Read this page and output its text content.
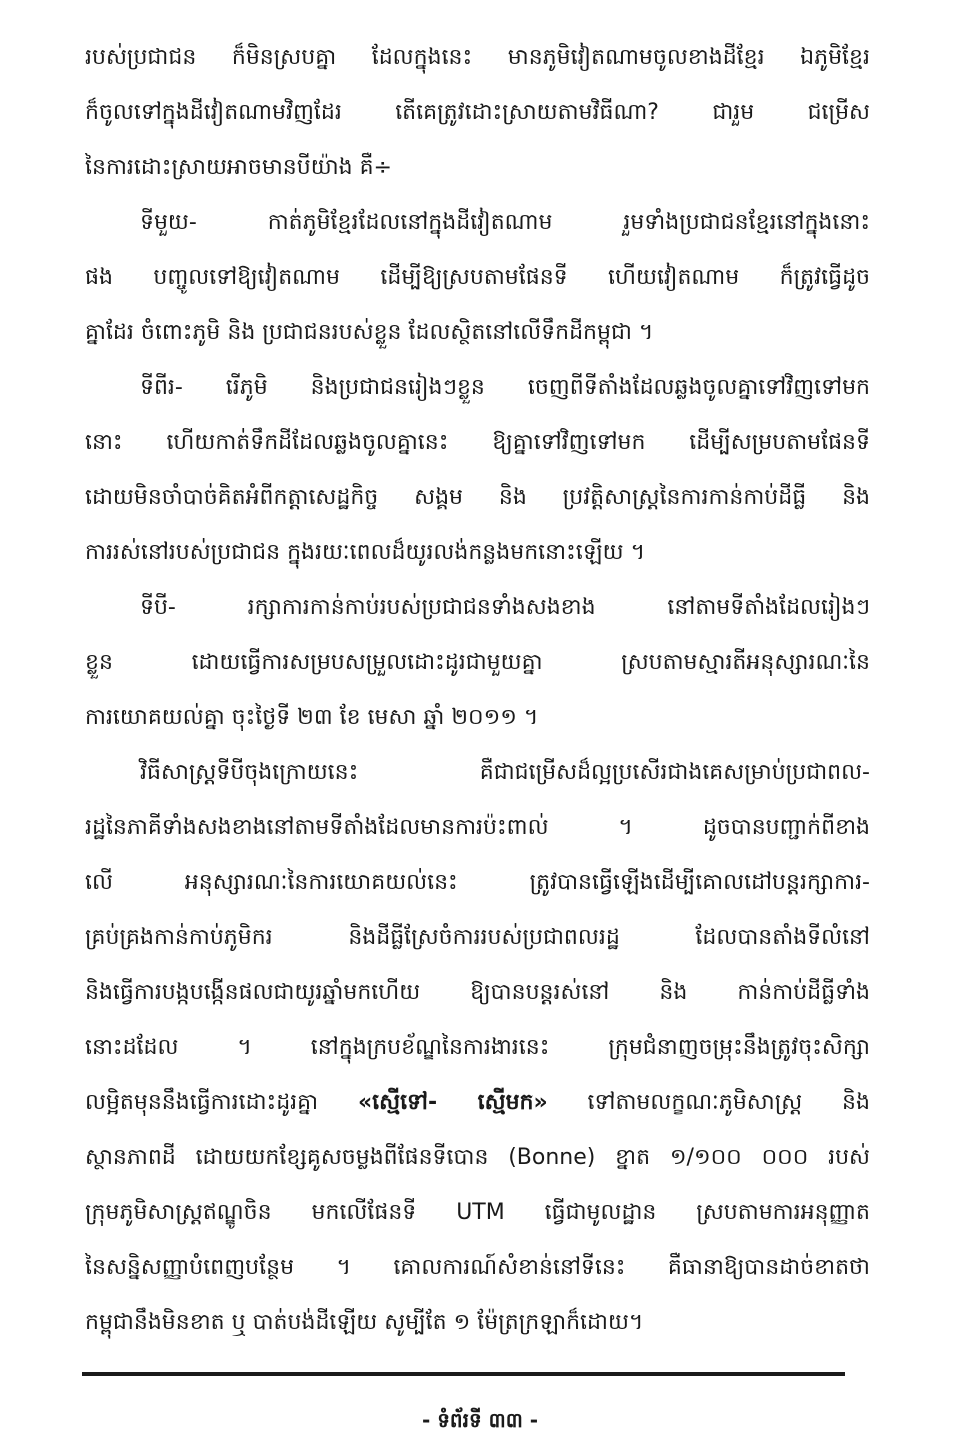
របស់ប្រជាជន ក៏មិនស្របគ្នា ដែលក្នុងនេះ មានភូមិវៀតណាមចូលខាងដីខ្មែរ ឯភូមិខ្មែរ
ក៏ចូលទៅក្នុងដីវៀតណាមវិញដែរ តើគេត្រូវដោះស្រាយតាមវិធីណា? ជារួម ជម្រើស
នៃការដោះស្រាយអាចមានបីយ៉ាង គឺ÷
ទីមួយ- កាត់ភូមិខ្មែរដែលនៅក្នុងដីវៀតណាម រួមទាំងប្រជាជនខ្មែរនៅក្នុងនោះ
ផង បញ្ចូលទៅឱ្យវៀតណាម ដើម្បីឱ្យស្របតាមផែនទី ហើយវៀតណាម ក៏ត្រូវធ្វើដូច
គ្នាដែរ ចំពោះភូមិ និង ប្រជាជនរបស់ខ្លួន ដែលស្ថិតនៅលើទឹកដីកម្ពុជា ។
ទីពីរ- រើភូមិ និងប្រជាជនរៀងៗខ្លួន ចេញពីទីតាំងដែលឆ្លងចូលគ្នាទៅវិញទៅមក
នោះ ហើយកាត់ទឹកដីដែលឆ្លងចូលគ្នានេះ ឱ្យគ្នាទៅវិញទៅមក ដើម្បីសម្របតាមផែនទី
ដោយមិនចាំបាច់គិតអំពីកត្តាសេដ្ឋកិច្ច សង្គម និង ប្រវត្តិសាស្ត្រនៃការកាន់កាប់ដីធ្លី និង
ការរស់នៅរបស់ប្រជាជន ក្នុងរយៈពេលដ៏យូរលង់កន្លងមកនោះឡើយ ។
ទីបី- រក្សាការកាន់កាប់របស់ប្រជាជនទាំងសងខាង នៅតាមទីតាំងដែលរៀងៗ
ខ្លួន ដោយធ្វើការសម្របសម្រួលដោះដូរជាមួយគ្នា ស្របតាមស្មារតីអនុស្សារណៈនៃ
ការយោគយល់គ្នា ចុះថ្ងៃទី ២៣ ខែ មេសា ឆ្នាំ ២០១១ ។
វិធីសាស្ត្រទីបីចុងក្រោយនេះ គឺជាជម្រើសដ៏ល្អប្រសើរជាងគេសម្រាប់ប្រជាពល-
រដ្ឋនៃភាគីទាំងសងខាងនៅតាមទីតាំងដែលមានការប៉ះពាល់ ។ ដូចបានបញ្ជាក់ពីខាង
លើ អនុស្សារណៈនៃការយោគយល់នេះ ត្រូវបានធ្វើឡើងដើម្បីគោលដៅបន្តរក្សាការ-
គ្រប់គ្រងកាន់កាប់ភូមិករ និងដីធ្លីស្រែចំការរបស់ប្រជាពលរដ្ឋ ដែលបានតាំងទីលំនៅ
និងធ្វើការបង្កបង្កើនផលជាយូរឆ្នាំមកហើយ ឱ្យបានបន្តរស់នៅ និង កាន់កាប់ដីធ្លីទាំង
នោះដដែល ។ នៅក្នុងក្របខ័ណ្ឌនៃការងារនេះ ក្រុមជំនាញចម្រុះនឹងត្រូវចុះសិក្សា
លម្អិតមុននឹងធ្វើការដោះដូរគ្នា «ស្មើទៅ- ស្មើមក» ទៅតាមលក្ខណៈភូមិសាស្ត្រ និង
ស្ថានភាពដី ដោយយកខ្សែគូសចម្លងពីផែនទីបោន (Bonne) ខ្នាត ១/១០០ ០០០ របស់
ក្រុមភូមិសាស្ត្រឥណ្ឌូចិន មកលើផែនទី UTM ធ្វើជាមូលដ្ឋាន ស្របតាមការអនុញ្ញាត
នៃសន្និសញ្ញាបំពេញបន្ថែម ។ គោលការណ៍សំខាន់នៅទីនេះ គឺធានាឱ្យបានដាច់ខាតថា
កម្ពុជានឹងមិនខាត ឬ បាត់បង់ដីឡើយ សូម្បីតែ ១ ម៉ែត្រក្រឡាក៏ដោយ។
- ទំព័រទី ៣៣ -
